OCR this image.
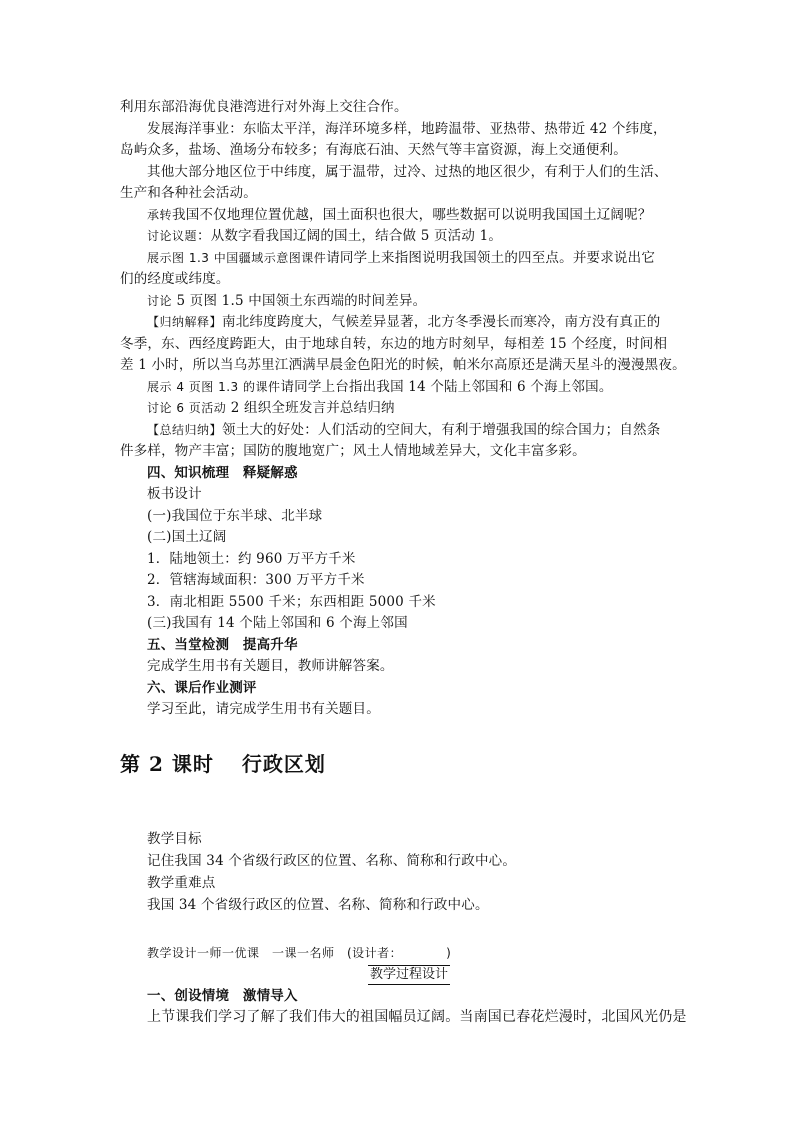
利用东部沿海优良港湾进行对外海上交往合作。
发展海洋事业：东临太平洋，海洋环境多样，地跨温带、亚热带、热带近 42 个纬度，
岛屿众多，盐场、渔场分布较多；有海底石油、天然气等丰富资源，海上交通便利。
其他大部分地区位于中纬度，属于温带，过冷、过热的地区很少，有利于人们的生活、
生产和各种社会活动。
承转我国不仅地理位置优越，国土面积也很大，哪些数据可以说明我国国土辽阔呢？
讨论议题：从数字看我国辽阔的国土，结合做 5 页活动 1。
展示图 1.3 中国疆域示意图课件请同学上来指图说明我国领土的四至点。并要求说出它
们的经度或纬度。
讨论 5 页图 1.5 中国领土东西端的时间差异。
【归纳解释】南北纬度跨度大，气候差异显著，北方冬季漫长而寒冷，南方没有真正的
冬季，东、西经度跨距大，由于地球自转，东边的地方时刻早，每相差 15 个经度，时间相
差 1 小时，所以当乌苏里江洒满早晨金色阳光的时候，帕米尔高原还是满天星斗的漫漫黑夜。
展示 4 页图 1.3 的课件请同学上台指出我国 14 个陆上邻国和 6 个海上邻国。
讨论 6 页活动 2 组织全班发言并总结归纳
【总结归纳】领土大的好处：人们活动的空间大，有利于增强我国的综合国力；自然条
件多样，物产丰富；国防的腹地宽广；风土人情地域差异大，文化丰富多彩。
四、知识梳理　释疑解惑
板书设计
(一)我国位于东半球、北半球
(二)国土辽阔
1．陆地领土：约 960 万平方千米
2．管辖海域面积：300 万平方千米
3．南北相距 5500 千米；东西相距 5000 千米
(三)我国有 14 个陆上邻国和 6 个海上邻国
五、当堂检测　提高升华
完成学生用书有关题目，教师讲解答案。
六、课后作业测评
学习至此，请完成学生用书有关题目。
第 2 课时 行政区划
教学目标
记住我国 34 个省级行政区的位置、名称、简称和行政中心。
教学重难点
我国 34 个省级行政区的位置、名称、简称和行政中心。
教学设计一师一优课　一课一名师　(设计者：　　　　)
教学过程设计
一、创设情境　激情导入
上节课我们学习了解了我们伟大的祖国幅员辽阔。当南国已春花烂漫时，北国风光仍是
